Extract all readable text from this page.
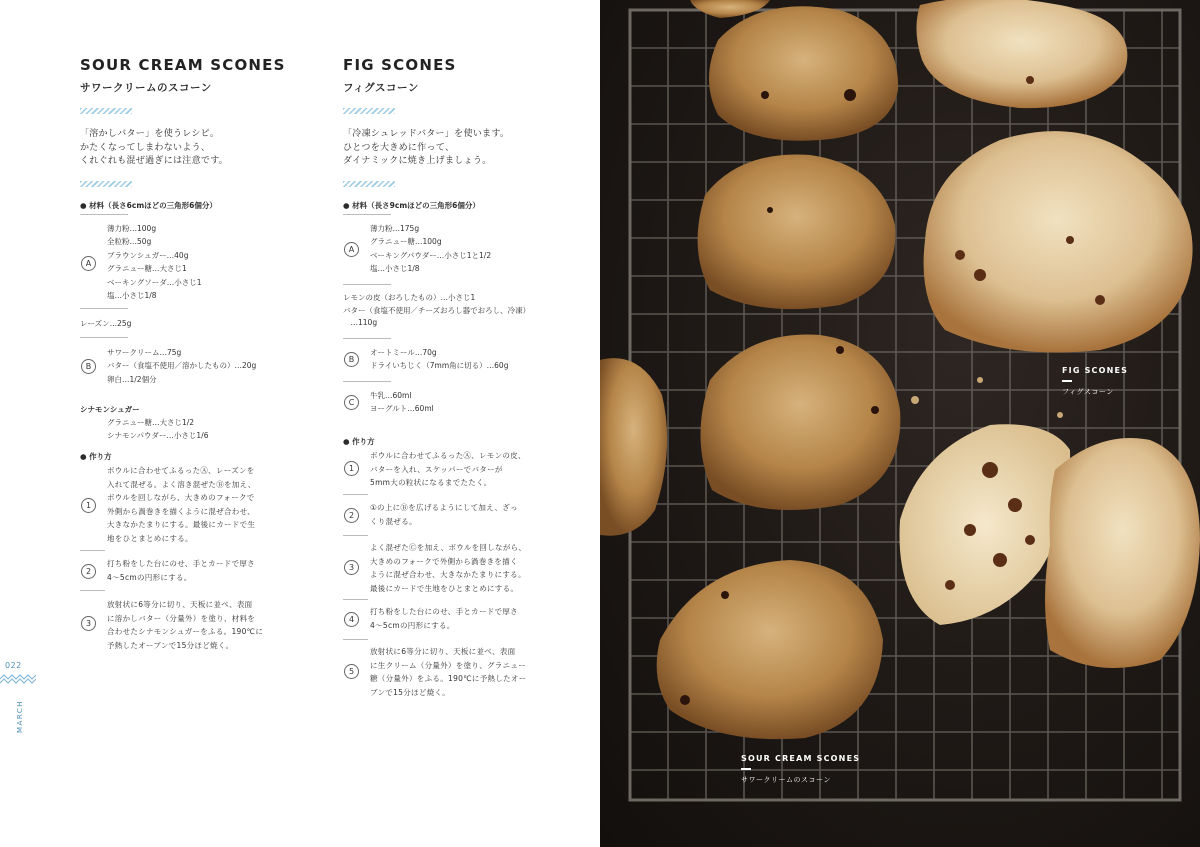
SOUR CREAM SCONES
サワークリームのスコーン
「溶かしバター」を使うレシピ。
かたくなってしまわないよう、
くれぐれも混ぜ過ぎには注意です。
● 材料（長さ6cmほどの三角形6個分）
A
薄力粉…100g
全粒粉…50g
ブラウンシュガー…40g
グラニュー糖…大さじ1
ベーキングソーダ…小さじ1
塩…小さじ1/8
レーズン…25g
B
サワークリーム…75g
バター（食塩不使用／溶かしたもの）…20g
卵白…1/2個分
シナモンシュガー
グラニュー糖…大さじ1/2
シナモンパウダー…小さじ1/6
● 作り方
1
ボウルに合わせてふるったⒶ、レーズンを
入れて混ぜる。よく溶き混ぜたⒷを加え、
ボウルを回しながら、大きめのフォークで
外側から渦巻きを描くように混ぜ合わせ、
大きなかたまりにする。最後にカードで生
地をひとまとめにする。
2
打ち粉をした台にのせ、手とカードで厚さ
4〜5cmの円形にする。
3
放射状に6等分に切り、天板に並べ、表面
に溶かしバター（分量外）を塗り、材料を
合わせたシナモンシュガーをふる。190℃に
予熱したオーブンで15分ほど焼く。
FIG SCONES
フィグスコーン
「冷凍シュレッドバター」を使います。
ひとつを大きめに作って、
ダイナミックに焼き上げましょう。
● 材料（長さ9cmほどの三角形6個分）
A
薄力粉…175g
グラニュー糖…100g
ベーキングパウダー…小さじ1と1/2
塩…小さじ1/8
レモンの皮（おろしたもの）…小さじ1
バター（食塩不使用／チーズおろし器でおろし、冷凍）
　…110g
B
オートミール…70g
ドライいちじく（7mm角に切る）…60g
C
牛乳…60ml
ヨーグルト…60ml
● 作り方
1
ボウルに合わせてふるったⒶ、レモンの皮、
バターを入れ、スケッパーでバターが
5mm大の粒状になるまでたたく。
2
①の上にⒷを広げるようにして加え、ざっ
くり混ぜる。
3
よく混ぜたⒸを加え、ボウルを回しながら、
大きめのフォークで外側から渦巻きを描く
ように混ぜ合わせ、大きなかたまりにする。
最後にカードで生地をひとまとめにする。
4
打ち粉をした台にのせ、手とカードで厚さ
4〜5cmの円形にする。
5
放射状に6等分に切り、天板に並べ、表面
に生クリーム（分量外）を塗り、グラニュー
糖（分量外）をふる。190℃に予熱したオー
ブンで15分ほど焼く。
022
MARCH
FIG SCONES
フィグスコーン
SOUR CREAM SCONES
サワークリームのスコーン
